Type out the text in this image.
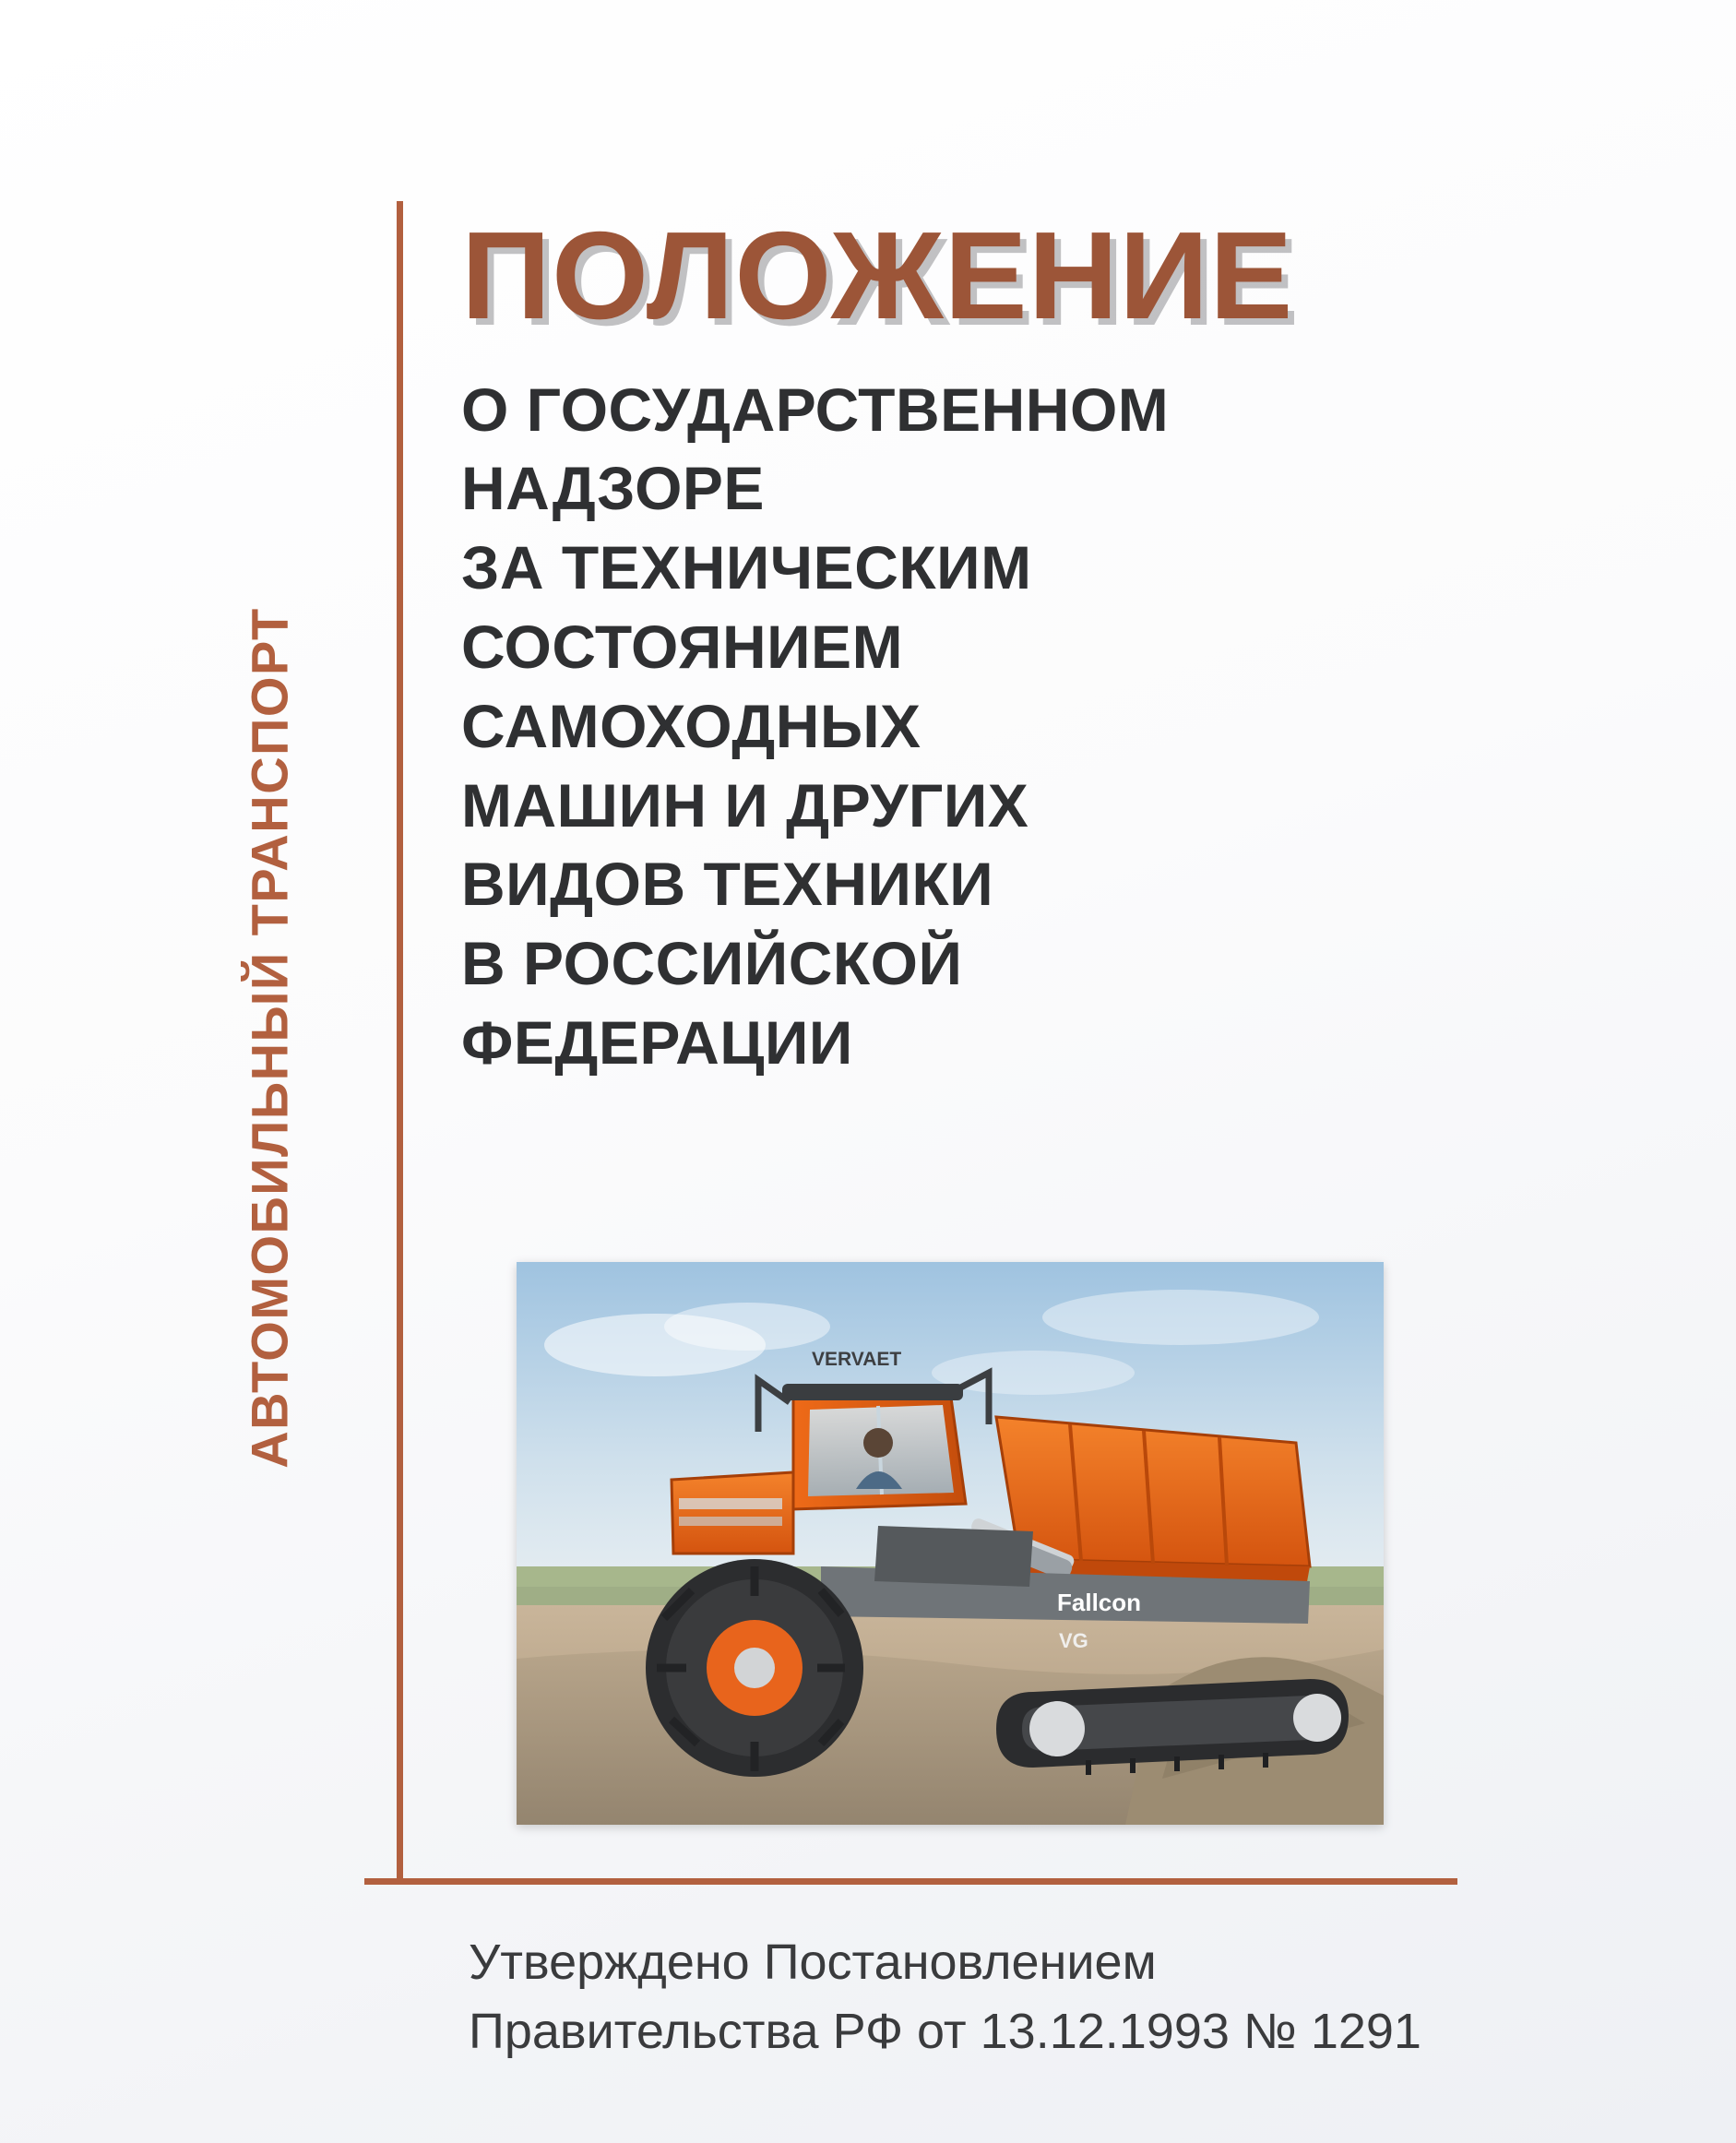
АВТОМОБИЛЬНЫЙ ТРАНСПОРТ
ПОЛОЖЕНИЕ
О ГОСУДАРСТВЕННОМ
НАДЗОРЕ
ЗА ТЕХНИЧЕСКИМ
СОСТОЯНИЕМ
САМОХОДНЫХ
МАШИН И ДРУГИХ
ВИДОВ ТЕХНИКИ
В РОССИЙСКОЙ
ФЕДЕРАЦИИ
VERVAET
Fallcon
VG
Утверждено Постановлением
Правительства РФ от 13.12.1993 № 1291
